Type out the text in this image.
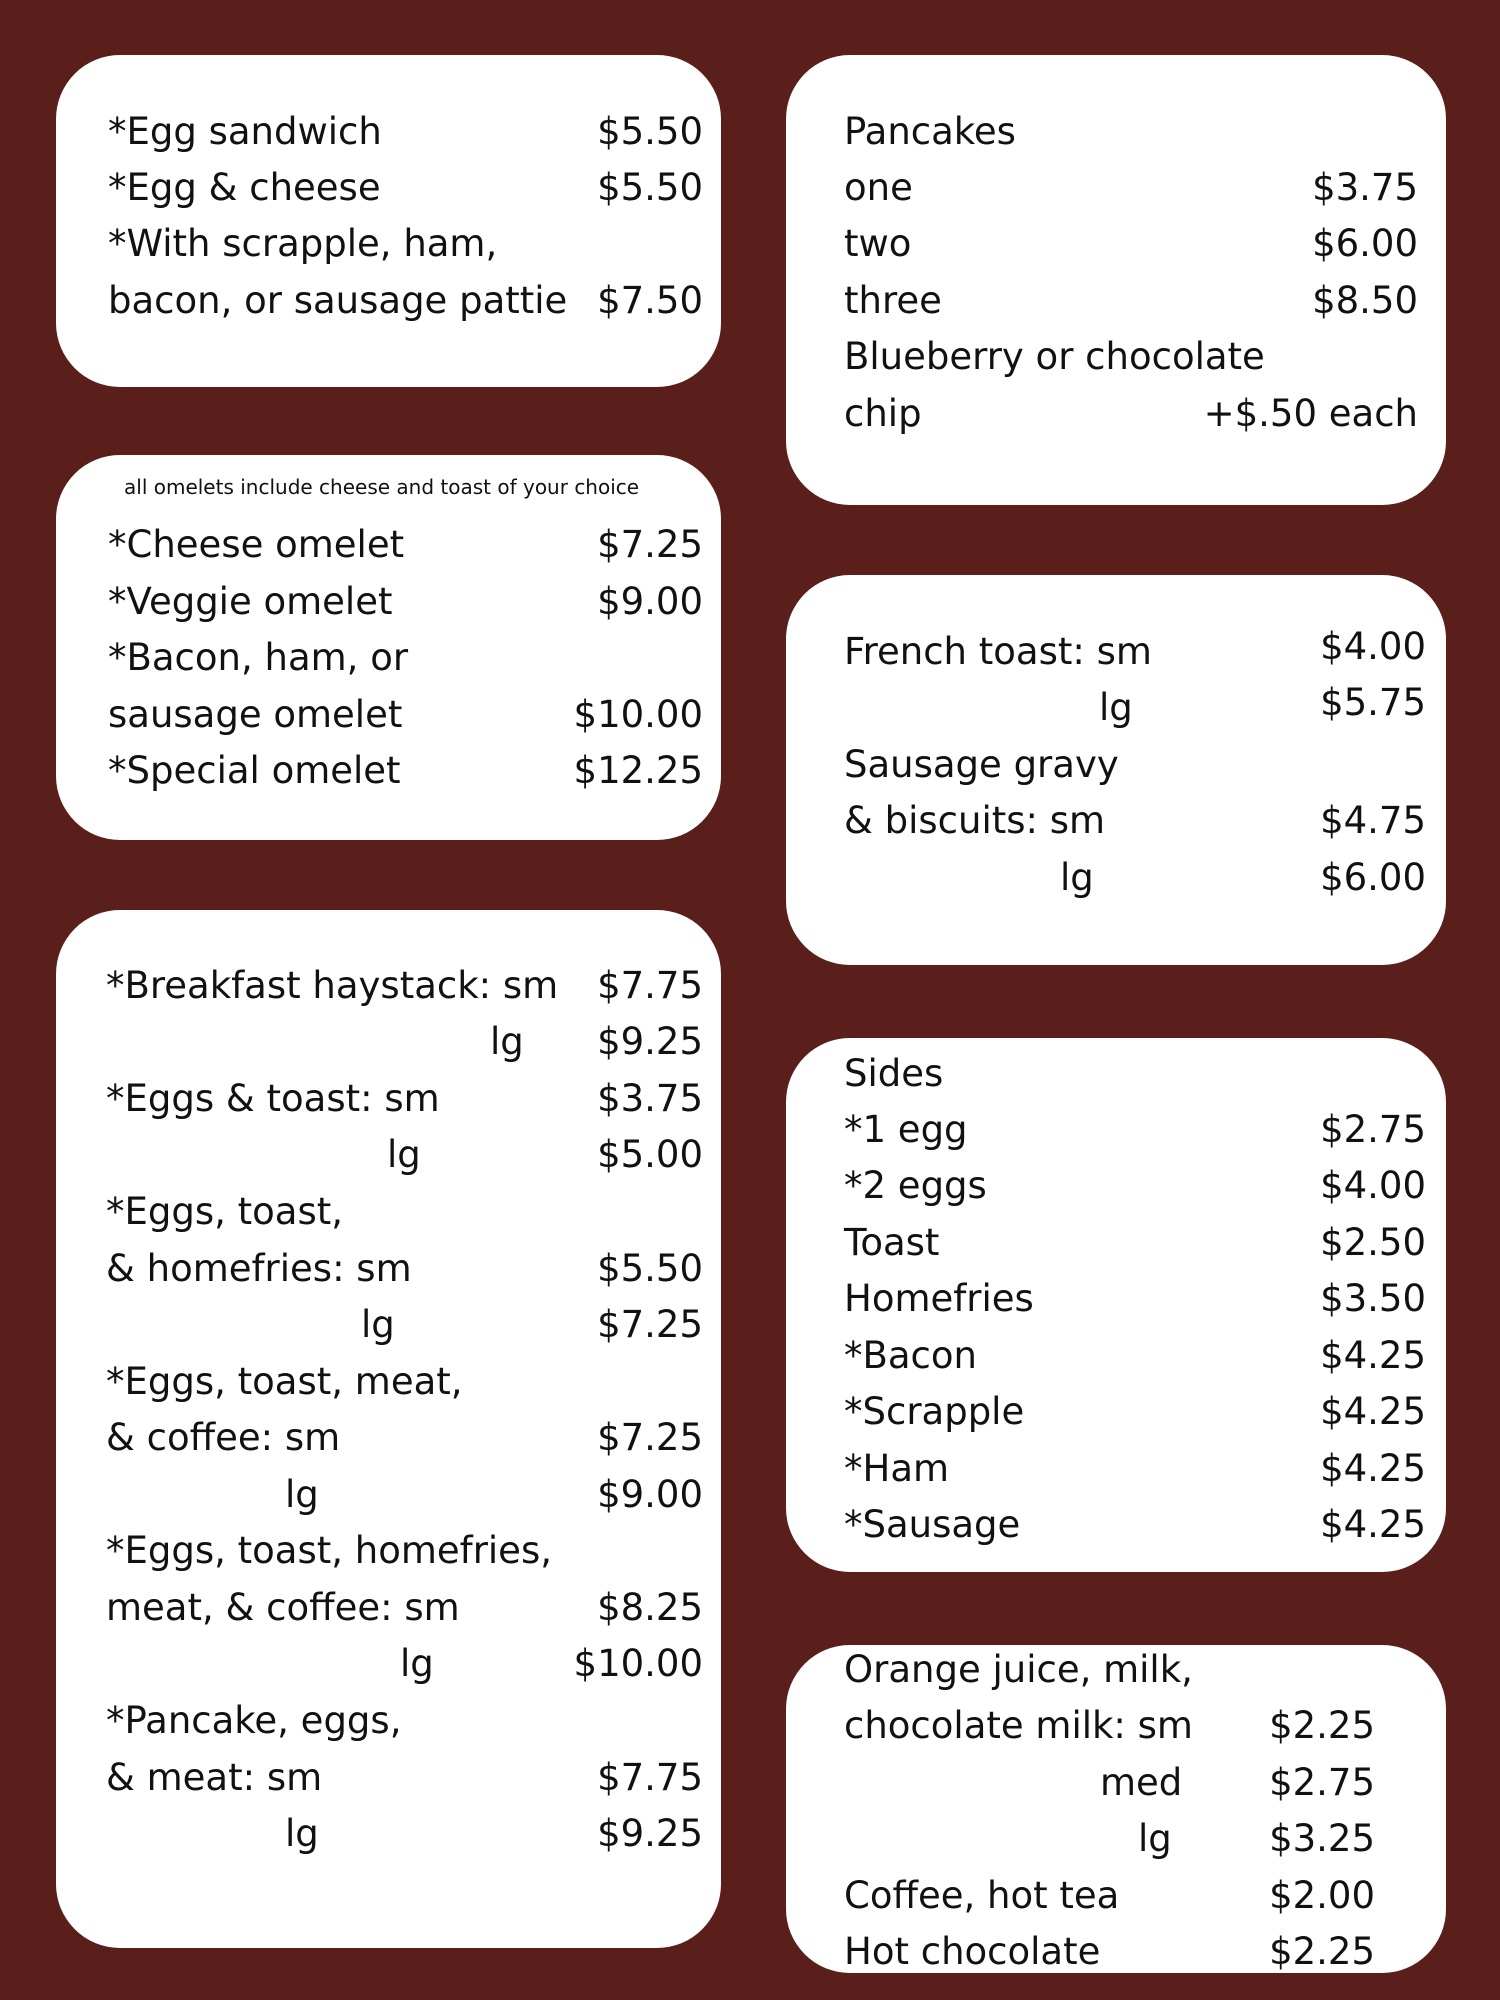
*Egg sandwich	$5.50
*Egg & cheese	$5.50
*With scrapple, ham,
bacon, or sausage pattie $7.50
all omelets include cheese and toast of your choice
*Cheese omelet	$7.25
*Veggie omelet	$9.00
*Bacon, ham, or
sausage omelet	$10.00
*Special omelet	$12.25
*Breakfast haystack: sm $7.75
lg $9.25
*Eggs & toast: sm	$3.75
lg	$5.00
*Eggs, toast,
& homefries: sm	$5.50
lg	$7.25
*Eggs, toast, meat,
& coffee: sm	$7.25
lg	$9.00
*Eggs, toast, homefries,
meat, & coffee: sm	$8.25
lg	$10.00
*Pancake, eggs,
& meat: sm	$7.75
lg	$9.25
Pancakes
one	$3.75
two	$6.00
three	$8.50
Blueberry or chocolate
chip	+$.50 each
French toast: sm	$4.00
lg	$5.75
Sausage gravy
& biscuits: sm	$4.75
lg	$6.00
Sides
*1 egg	$2.75
*2 eggs	$4.00
Toast	$2.50
Homefries	$3.50
*Bacon	$4.25
*Scrapple	$4.25
*Ham	$4.25
*Sausage	$4.25
Orange juice, milk,
chocolate milk: sm $2.25
med $2.75
lg	$3.25
Coffee, hot tea	$2.00
Hot chocolate	$2.25
